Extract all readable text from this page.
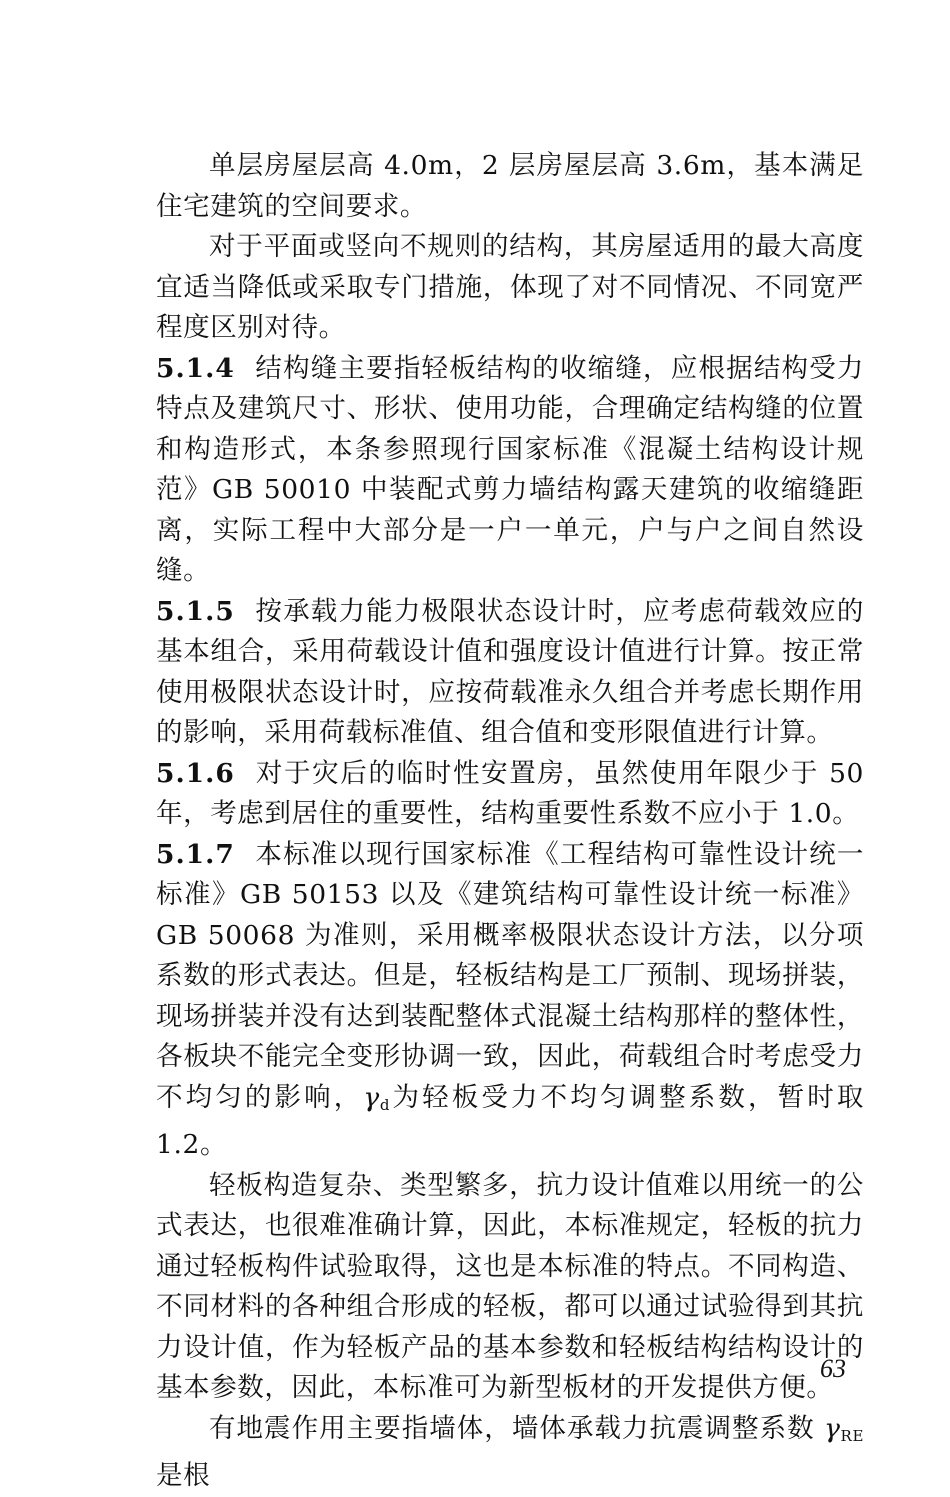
单层房屋层高 4.0m，2 层房屋层高 3.6m，基本满足住宅建筑的空间要求。

对于平面或竖向不规则的结构，其房屋适用的最大高度宜适当降低或采取专门措施，体现了对不同情况、不同宽严程度区别对待。

5.1.4 结构缝主要指轻板结构的收缩缝，应根据结构受力特点及建筑尺寸、形状、使用功能，合理确定结构缝的位置和构造形式，本条参照现行国家标准《混凝土结构设计规范》GB 50010 中装配式剪力墙结构露天建筑的收缩缝距离，实际工程中大部分是一户一单元，户与户之间自然设缝。

5.1.5 按承载力能力极限状态设计时，应考虑荷载效应的基本组合，采用荷载设计值和强度设计值进行计算。按正常使用极限状态设计时，应按荷载准永久组合并考虑长期作用的影响，采用荷载标准值、组合值和变形限值进行计算。

5.1.6 对于灾后的临时性安置房，虽然使用年限少于 50 年，考虑到居住的重要性，结构重要性系数不应小于 1.0。

5.1.7 本标准以现行国家标准《工程结构可靠性设计统一标准》GB 50153 以及《建筑结构可靠性设计统一标准》GB 50068 为准则，采用概率极限状态设计方法，以分项系数的形式表达。但是，轻板结构是工厂预制、现场拼装，现场拼装并没有达到装配整体式混凝土结构那样的整体性，各板块不能完全变形协调一致，因此，荷载组合时考虑受力不均匀的影响，$\gamma_d$为轻板受力不均匀调整系数，暂时取 1.2。

轻板构造复杂、类型繁多，抗力设计值难以用统一的公式表达，也很难准确计算，因此，本标准规定，轻板的抗力通过轻板构件试验取得，这也是本标准的特点。不同构造、不同材料的各种组合形成的轻板，都可以通过试验得到其抗力设计值，作为轻板产品的基本参数和轻板结构结构设计的基本参数，因此，本标准可为新型板材的开发提供方便。

有地震作用主要指墙体，墙体承载力抗震调整系数 $\gamma_{RE}$是根

63
